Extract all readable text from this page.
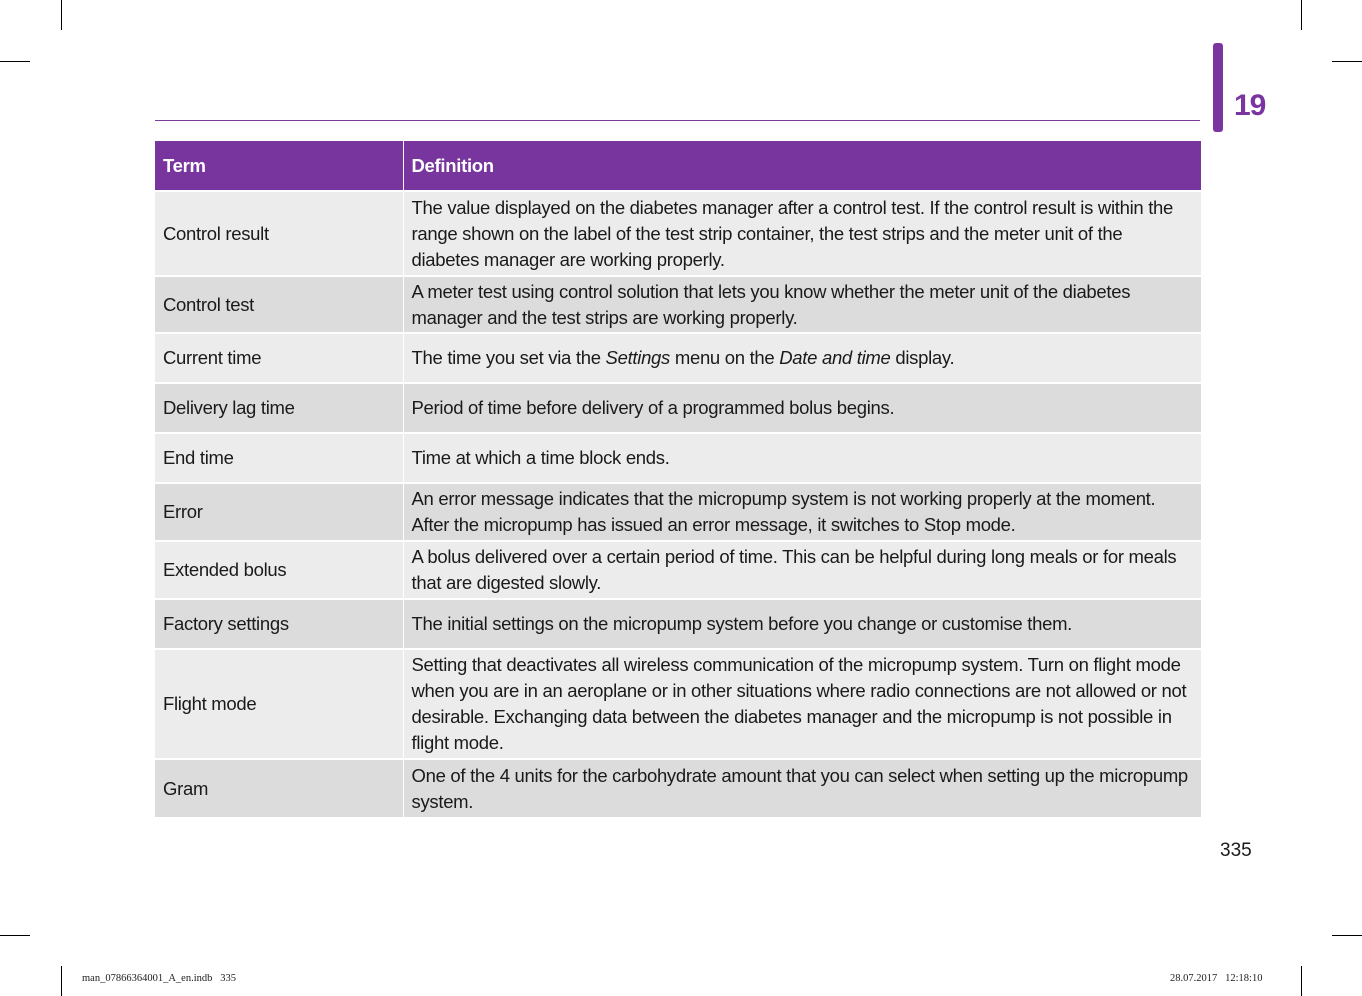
19
Term	Definition
Control result	The value displayed on the diabetes manager after a control test. If the control result is within the range shown on the label of the test strip container, the test strips and the meter unit of the diabetes manager are working properly.
Control test	A meter test using control solution that lets you know whether the meter unit of the diabetes manager and the test strips are working properly.
Current time	The time you set via the Settings menu on the Date and time display.
Delivery lag time	Period of time before delivery of a programmed bolus begins.
End time	Time at which a time block ends.
Error	An error message indicates that the micropump system is not working properly at the moment. After the micropump has issued an error message, it switches to Stop mode.
Extended bolus	A bolus delivered over a certain period of time. This can be helpful during long meals or for meals that are digested slowly.
Factory settings	The initial settings on the micropump system before you change or customise them.
Flight mode	Setting that deactivates all wireless communication of the micropump system. Turn on flight mode when you are in an aeroplane or in other situations where radio connections are not allowed or not desirable. Exchanging data between the diabetes manager and the micropump is not possible in flight mode.
Gram	One of the 4 units for the carbohydrate amount that you can select when setting up the micropump system.
335
man_07866364001_A_en.indb   335	28.07.2017   12:18:10
